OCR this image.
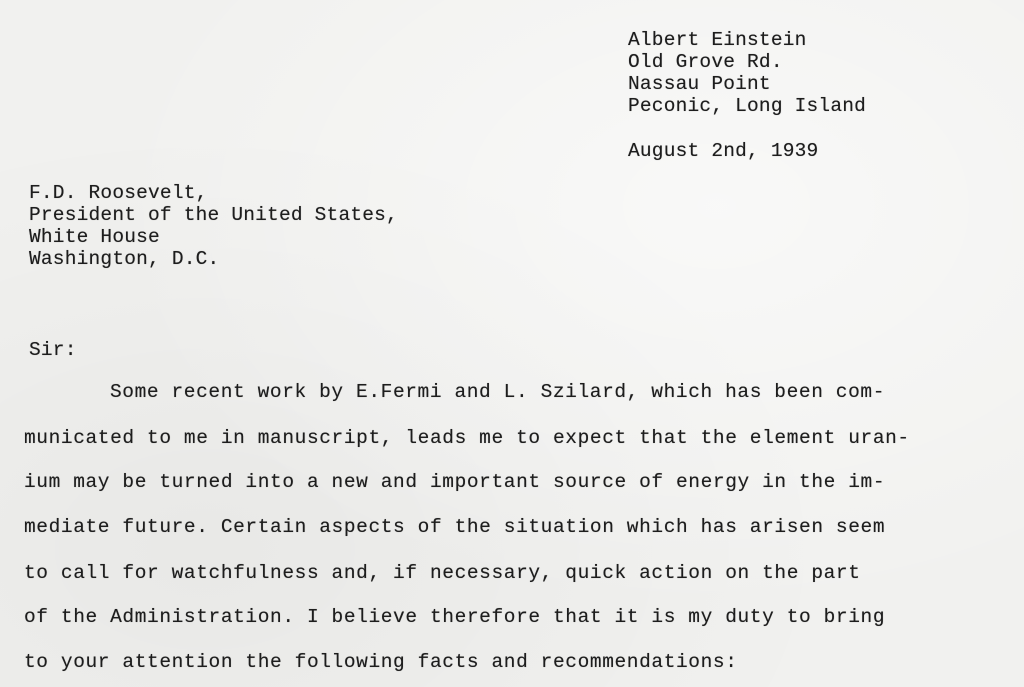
Albert Einstein
Old Grove Rd.
Nassau Point
Peconic, Long Island
August 2nd, 1939
F.D. Roosevelt,
President of the United States,
White House
Washington, D.C.
Sir:
Some recent work by E.Fermi and L. Szilard, which has been com-
municated to me in manuscript, leads me to expect that the element uran-
ium may be turned into a new and important source of energy in the im-
mediate future. Certain aspects of the situation which has arisen seem
to call for watchfulness and, if necessary, quick action on the part
of the Administration. I believe therefore that it is my duty to bring
to your attention the following facts and recommendations:
